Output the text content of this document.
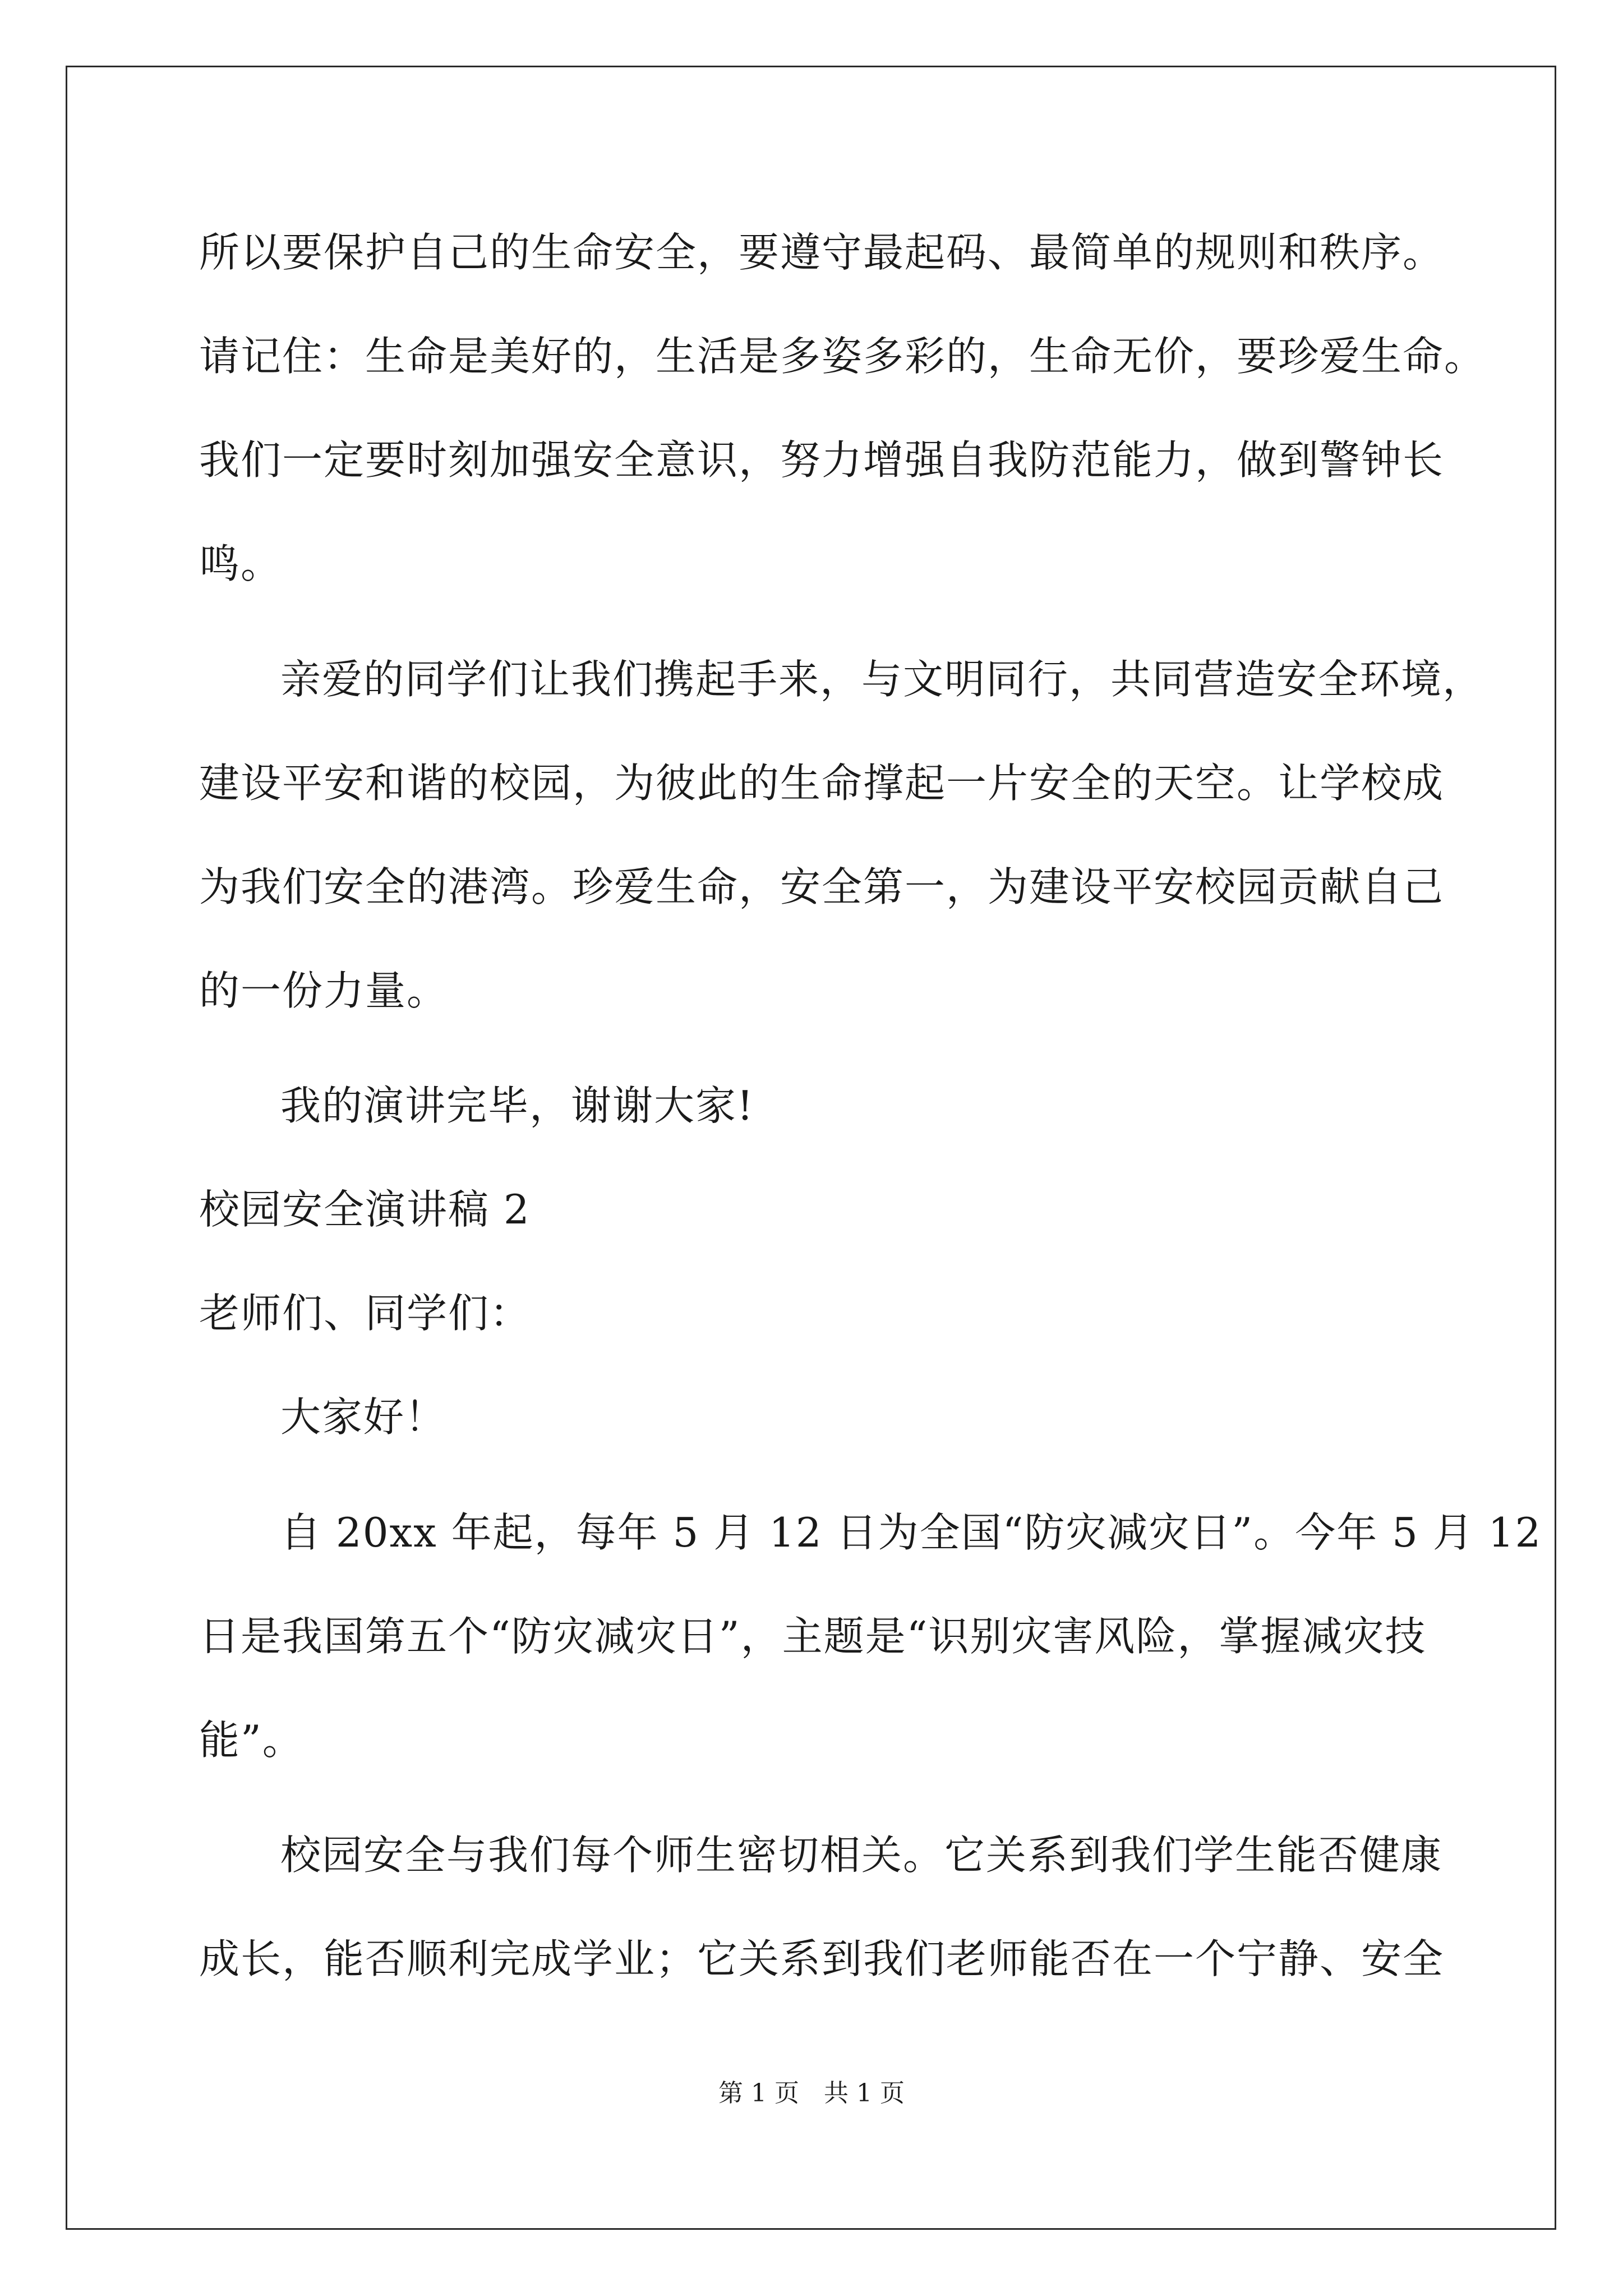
所以要保护自己的生命安全，要遵守最起码、最简单的规则和秩序。
请记住：生命是美好的，生活是多姿多彩的，生命无价，要珍爱生命。
我们一定要时刻加强安全意识，努力增强自我防范能力，做到警钟长
鸣。
亲爱的同学们让我们携起手来，与文明同行，共同营造安全环境，
建设平安和谐的校园，为彼此的生命撑起一片安全的天空。让学校成
为我们安全的港湾。珍爱生命，安全第一，为建设平安校园贡献自己
的一份力量。
我的演讲完毕，谢谢大家!
校园安全演讲稿 2
老师们、同学们：
大家好！
自 20xx 年起，每年 5 月 12 日为全国“防灾减灾日”。今年 5 月 12
日是我国第五个“防灾减灾日”，主题是“识别灾害风险，掌握减灾技
能”。
校园安全与我们每个师生密切相关。它关系到我们学生能否健康
成长，能否顺利完成学业；它关系到我们老师能否在一个宁静、安全
第 1 页　共 1 页
